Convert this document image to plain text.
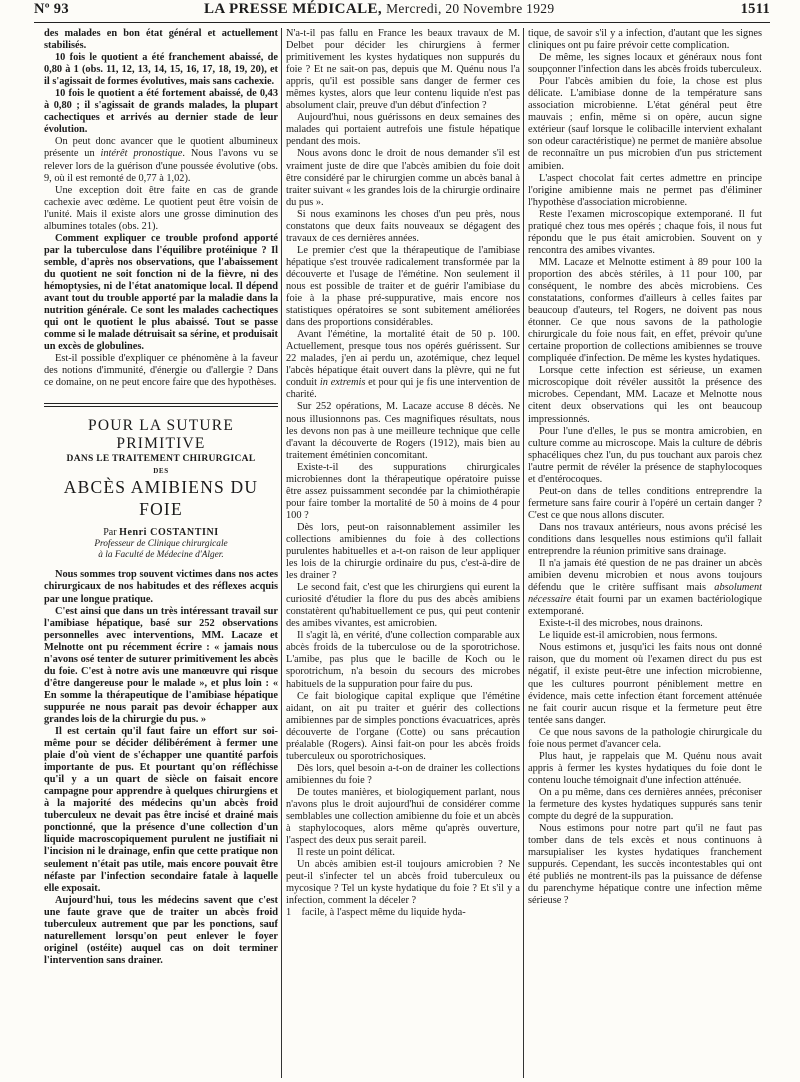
Nº 93	LA PRESSE MÉDICALE, Mercredi, 20 Novembre 1929	1511

des malades en bon état général et actuellement stabilisés.

10 fois le quotient a été franchement abaissé, de 0,80 à 1 (obs. 11, 12, 13, 14, 15, 16, 17, 18, 19, 20), et il s'agissait de formes évolutives, mais sans cachexie.

10 fois le quotient a été fortement abaissé, de 0,43 à 0,80 ; il s'agissait de grands malades, la plupart cachectiques et arrivés au dernier stade de leur évolution.

On peut donc avancer que le quotient albumineux présente un intérêt pronostique. Nous l'avons vu se relever lors de la guérison d'une poussée évolutive (obs. 9, où il est remonté de 0,77 à 1,02).

Une exception doit être faite en cas de grande cachexie avec œdème. Le quotient peut être voisin de l'unité. Mais il existe alors une grosse diminution des albumines totales (obs. 21).

Comment expliquer ce trouble profond apporté par la tuberculose dans l'équilibre protéinique ? Il semble, d'après nos observations, que l'abaissement du quotient ne soit fonction ni de la fièvre, ni des hémoptysies, ni de l'état anatomique local. Il dépend avant tout du trouble apporté par la maladie dans la nutrition générale. Ce sont les malades cachectiques qui ont le quotient le plus abaissé. Tout se passe comme si le malade détruisait sa sérine, et produisait un excès de globulines.

Est-il possible d'expliquer ce phénomène à la faveur des notions d'immunité, d'énergie ou d'allergie ? Dans ce domaine, on ne peut encore faire que des hypothèses.

POUR LA SUTURE PRIMITIVE
DANS LE TRAITEMENT CHIRURGICAL
DES
ABCÈS AMIBIENS DU FOIE
Par Henri COSTANTINI
Professeur de Clinique chirurgicale
à la Faculté de Médecine d'Alger.

Nous sommes trop souvent victimes dans nos actes chirurgicaux de nos habitudes et des réflexes acquis par une longue pratique.

C'est ainsi que dans un très intéressant travail sur l'amibiase hépatique, basé sur 252 observations personnelles avec interventions, MM. Lacaze et Melnotte ont pu récemment écrire : « jamais nous n'avons osé tenter de suturer primitivement les abcès du foie. C'est à notre avis une manœuvre qui risque d'être dangereuse pour le malade », et plus loin : « En somme la thérapeutique de l'amibiase hépatique suppurée ne nous parait pas devoir échapper aux grandes lois de la chirurgie du pus. »

Il est certain qu'il faut faire un effort sur soi-même pour se décider délibérément à fermer une plaie d'où vient de s'échapper une quantité parfois importante de pus. Et pourtant qu'on réfléchisse qu'il y a un quart de siècle on faisait encore campagne pour apprendre à quelques chirurgiens et à la majorité des médecins qu'un abcès froid tuberculeux ne devait pas être incisé et drainé mais ponctionné, que la présence d'une collection d'un liquide macroscopiquement purulent ne justifiait ni l'incision ni le drainage, enfin que cette pratique non seulement n'était pas utile, mais encore pouvait être néfaste par l'infection secondaire fatale à laquelle elle exposait.

Aujourd'hui, tous les médecins savent que c'est une faute grave que de traiter un abcès froid tuberculeux autrement que par les ponctions, sauf naturellement lorsqu'on peut enlever le foyer originel (ostéite) auquel cas on doit terminer l'intervention sans drainer.

N'a-t-il pas fallu en France les beaux travaux de M. Delbet pour décider les chirurgiens à fermer primitivement les kystes hydatiques non suppurés du foie ? Et ne sait-on pas, depuis que M. Quénu nous l'a appris, qu'il est possible sans danger de fermer ces mêmes kystes, alors que leur contenu liquide n'est pas absolument clair, preuve d'un début d'infection ?

Aujourd'hui, nous guérissons en deux semaines des malades qui portaient autrefois une fistule hépatique pendant des mois.

Nous avons donc le droit de nous demander s'il est vraiment juste de dire que l'abcès amibien du foie doit être considéré par le chirurgien comme un abcès banal à traiter suivant « les grandes lois de la chirurgie ordinaire du pus ».

Si nous examinons les choses d'un peu près, nous constatons que deux faits nouveaux se dégagent des travaux de ces dernières années.

Le premier c'est que la thérapeutique de l'amibiase hépatique s'est trouvée radicalement transformée par la découverte et l'usage de l'émétine. Non seulement il nous est possible de traiter et de guérir l'amibiase du foie à la phase pré-suppurative, mais encore nos statistiques opératoires se sont subitement améliorées dans des proportions considérables.

Avant l'émétine, la mortalité était de 50 p. 100. Actuellement, presque tous nos opérés guérissent. Sur 22 malades, j'en ai perdu un, azotémique, chez lequel l'abcès hépatique était ouvert dans la plèvre, qui ne fut conduit in extremis et pour qui je fis une intervention de charité.

Sur 252 opérations, M. Lacaze accuse 8 décès. Ne nous illusionnons pas. Ces magnifiques résultats, nous les devons non pas à une meilleure technique que celle d'avant la découverte de Rogers (1912), mais bien au traitement émétinien concomitant.

Existe-t-il des suppurations chirurgicales microbiennes dont la thérapeutique opératoire puisse être assez puissamment secondée par la chimiothérapie pour faire tomber la mortalité de 50 à moins de 4 pour 100 ?

Dès lors, peut-on raisonnablement assimiler les collections amibiennes du foie à des collections purulentes habituelles et a-t-on raison de leur appliquer les lois de la chirurgie ordinaire du pus, c'est-à-dire de les drainer ?

Le second fait, c'est que les chirurgiens qui eurent la curiosité d'étudier la flore du pus des abcès amibiens constatèrent qu'habituellement ce pus, qui peut contenir des amibes vivantes, est amicrobien.

Il s'agit là, en vérité, d'une collection comparable aux abcès froids de la tuberculose ou de la sporotrichose. L'amibe, pas plus que le bacille de Koch ou le sporotrichum, n'a besoin du secours des microbes habituels de la suppuration pour faire du pus.

Ce fait biologique capital explique que l'émétine aidant, on ait pu traiter et guérir des collections amibiennes par de simples ponctions évacuatrices, après découverte de l'organe (Cotte) ou sans précaution préalable (Rogers). Ainsi fait-on pour les abcès froids tuberculeux ou sporotrichosiques.

Dès lors, quel besoin a-t-on de drainer les collections amibiennes du foie ?

De toutes manières, et biologiquement parlant, nous n'avons plus le droit aujourd'hui de considérer comme semblables une collection amibienne du foie et un abcès à staphylocoques, alors même qu'après ouverture, l'aspect des deux pus serait pareil.

Il reste un point délicat.

Un abcès amibien est-il toujours amicrobien ? Ne peut-il s'infecter tel un abcès froid tuberculeux ou mycosique ? Tel un kyste hydatique du foie ? Et s'il y a infection, comment la déceler ?

1 facile, à l'aspect même du liquide hyda-

tique, de savoir s'il y a infection, d'autant que les signes cliniques ont pu faire prévoir cette complication.

De même, les signes locaux et généraux nous font soupçonner l'infection dans les abcès froids tuberculeux.

Pour l'abcès amibien du foie, la chose est plus délicate. L'amibiase donne de la température sans association microbienne. L'état général peut être mauvais ; enfin, même si on opère, aucun signe extérieur (sauf lorsque le colibacille intervient exhalant son odeur caractéristique) ne permet de manière absolue de reconnaître un pus microbien d'un pus strictement amibien.

L'aspect chocolat fait certes admettre en principe l'origine amibienne mais ne permet pas d'éliminer l'hypothèse d'association microbienne.

Reste l'examen microscopique extemporané. Il fut pratiqué chez tous mes opérés ; chaque fois, il nous fut répondu que le pus était amicrobien. Souvent on y rencontra des amibes vivantes.

MM. Lacaze et Melnotte estiment à 89 pour 100 la proportion des abcès stériles, à 11 pour 100, par conséquent, le nombre des abcès microbiens. Ces constatations, conformes d'ailleurs à celles faites par beaucoup d'auteurs, tel Rogers, ne doivent pas nous étonner. Ce que nous savons de la pathologie chirurgicale du foie nous fait, en effet, prévoir qu'une certaine proportion de collections amibiennes se trouve compliquée d'infection. De même les kystes hydatiques.

Lorsque cette infection est sérieuse, un examen microscopique doit révéler aussitôt la présence des microbes. Cependant, MM. Lacaze et Melnotte nous citent deux observations qui les ont beaucoup impressionnés.

Pour l'une d'elles, le pus se montra amicrobien, en culture comme au microscope. Mais la culture de débris sphacéliques chez l'un, du pus touchant aux parois chez l'autre permit de révéler la présence de staphylocoques et d'entérocoques.

Peut-on dans de telles conditions entreprendre la fermeture sans faire courir à l'opéré un certain danger ? C'est ce que nous allons discuter.

Dans nos travaux antérieurs, nous avons précisé les conditions dans lesquelles nous estimions qu'il fallait entreprendre la réunion primitive sans drainage.

Il n'a jamais été question de ne pas drainer un abcès amibien devenu microbien et nous avons toujours défendu que le critère suffisant mais absolument nécessaire était fourni par un examen bactériologique extemporané.

Existe-t-il des microbes, nous drainons.

Le liquide est-il amicrobien, nous fermons.

Nous estimons et, jusqu'ici les faits nous ont donné raison, que du moment où l'examen direct du pus est négatif, il existe peut-être une infection microbienne, que les cultures pourront péniblement mettre en évidence, mais cette infection étant forcement atténuée ne fait courir aucun risque et la fermeture peut être tentée sans danger.

Ce que nous savons de la pathologie chirurgicale du foie nous permet d'avancer cela.

Plus haut, je rappelais que M. Quénu nous avait appris à fermer les kystes hydatiques du foie dont le contenu louche témoignait d'une infection atténuée.

On a pu même, dans ces dernières années, préconiser la fermeture des kystes hydatiques suppurés sans tenir compte du degré de la suppuration.

Nous estimons pour notre part qu'il ne faut pas tomber dans de tels excès et nous continuons à marsupialiser les kystes hydatiques franchement suppurés. Cependant, les succès incontestables qui ont été publiés ne montrent-ils pas la puissance de défense du parenchyme hépatique contre une infection même sérieuse ?
